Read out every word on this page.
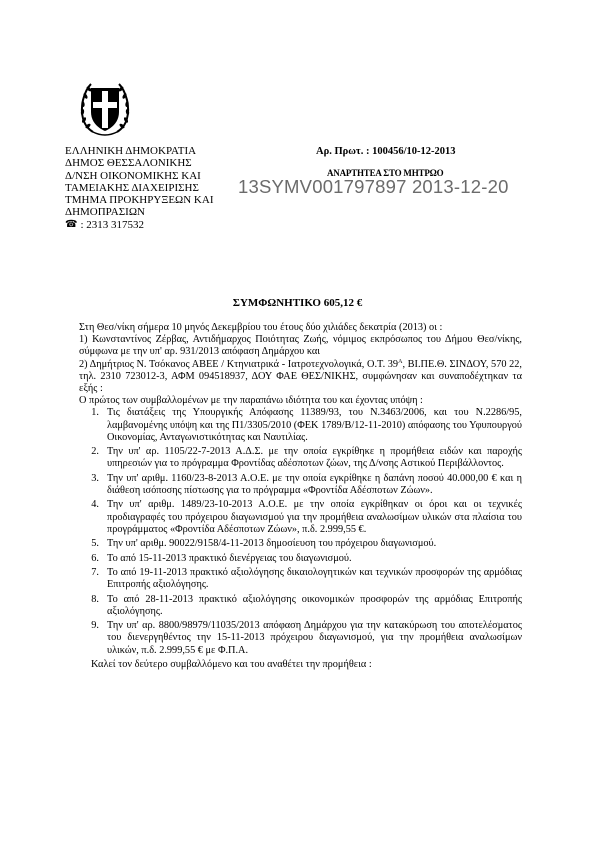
ΕΛΛΗΝΙΚΗ ΔΗΜΟΚΡΑΤΙΑ
ΔΗΜΟΣ ΘΕΣΣΑΛΟΝΙΚΗΣ
Δ/ΝΣΗ ΟΙΚΟΝΟΜΙΚΗΣ ΚΑΙ
ΤΑΜΕΙΑΚΗΣ ΔΙΑΧΕΙΡΙΣΗΣ
ΤΜΗΜΑ ΠΡΟΚΗΡΥΞΕΩΝ ΚΑΙ
ΔΗΜΟΠΡΑΣΙΩΝ
☎ : 2313 317532
Αρ. Πρωτ. : 100456/10-12-2013
ΑΝΑΡΤΗΤΕΑ ΣΤΟ ΜΗΤΡΩΟ
13SYMV001797897 2013-12-20
ΣΥΜΦΩΝΗΤΙΚΟ 605,12 €

Στη Θεσ/νίκη σήμερα 10 μηνός Δεκεμβρίου του έτους δύο χιλιάδες δεκατρία (2013) οι :

1) Κωνσταντίνος Ζέρβας, Αντιδήμαρχος Ποιότητας Ζωής, νόμιμος εκπρόσωπος του Δήμου Θεσ/νίκης, σύμφωνα με την υπ' αρ. 931/2013 απόφαση Δημάρχου και

2) Δημήτριος Ν. Τσόκανος ΑΒΕΕ / Κτηνιατρικά - Ιατροτεχνολογικά, Ο.Τ. $39^A$, ΒΙ.ΠΕ.Θ. ΣΙΝΔΟΥ, 570 22, τηλ. 2310 723012-3, ΑΦΜ 094518937, ΔΟΥ ΦΑΕ ΘΕΣ/ΝΙΚΗΣ, συμφώνησαν και συναποδέχτηκαν τα εξής :

Ο πρώτος των συμβαλλομένων με την παραπάνω ιδιότητα του και έχοντας υπόψη :

1. Τις διατάξεις της Υπουργικής Απόφασης 11389/93, του Ν.3463/2006, και του Ν.2286/95, λαμβανομένης υπόψη και της Π1/3305/2010 (ΦΕΚ 1789/Β/12-11-2010) απόφασης του Υφυπουργού Οικονομίας, Ανταγωνιστικότητας και Ναυτιλίας.
2. Την υπ' αρ. 1105/22-7-2013 Α.Δ.Σ. με την οποία εγκρίθηκε η προμήθεια ειδών και παροχής υπηρεσιών για το πρόγραμμα Φροντίδας αδέσποτων ζώων, της Δ/νσης Αστικού Περιβάλλοντος.
3. Την υπ' αριθμ. 1160/23-8-2013 Α.Ο.Ε. με την οποία εγκρίθηκε η δαπάνη ποσού 40.000,00 € και η διάθεση ισόποσης πίστωσης για το πρόγραμμα «Φροντίδα Αδέσποτων Ζώων».
4. Την υπ' αριθμ. 1489/23-10-2013 Α.Ο.Ε. με την οποία εγκρίθηκαν οι όροι και οι τεχνικές προδιαγραφές του πρόχειρου διαγωνισμού για την προμήθεια αναλωσίμων υλικών στα πλαίσια του προγράμματος «Φροντίδα Αδέσποτων Ζώων», π.δ. 2.999,55 €.
5. Την υπ' αριθμ. 90022/9158/4-11-2013 δημοσίευση του πρόχειρου διαγωνισμού.
6. Το από 15-11-2013 πρακτικό διενέργειας του διαγωνισμού.
7. Το από 19-11-2013 πρακτικό αξιολόγησης δικαιολογητικών και τεχνικών προσφορών της αρμόδιας Επιτροπής αξιολόγησης.
8. Το από 28-11-2013 πρακτικό αξιολόγησης οικονομικών προσφορών της αρμόδιας Επιτροπής αξιολόγησης.
9. Την υπ' αρ. 8800/98979/11035/2013 απόφαση Δημάρχου για την κατακύρωση του αποτελέσματος του διενεργηθέντος την 15-11-2013 πρόχειρου διαγωνισμού, για την προμήθεια αναλωσίμων υλικών, π.δ. 2.999,55 € με Φ.Π.Α.

Καλεί τον δεύτερο συμβαλλόμενο και του αναθέτει την προμήθεια :
